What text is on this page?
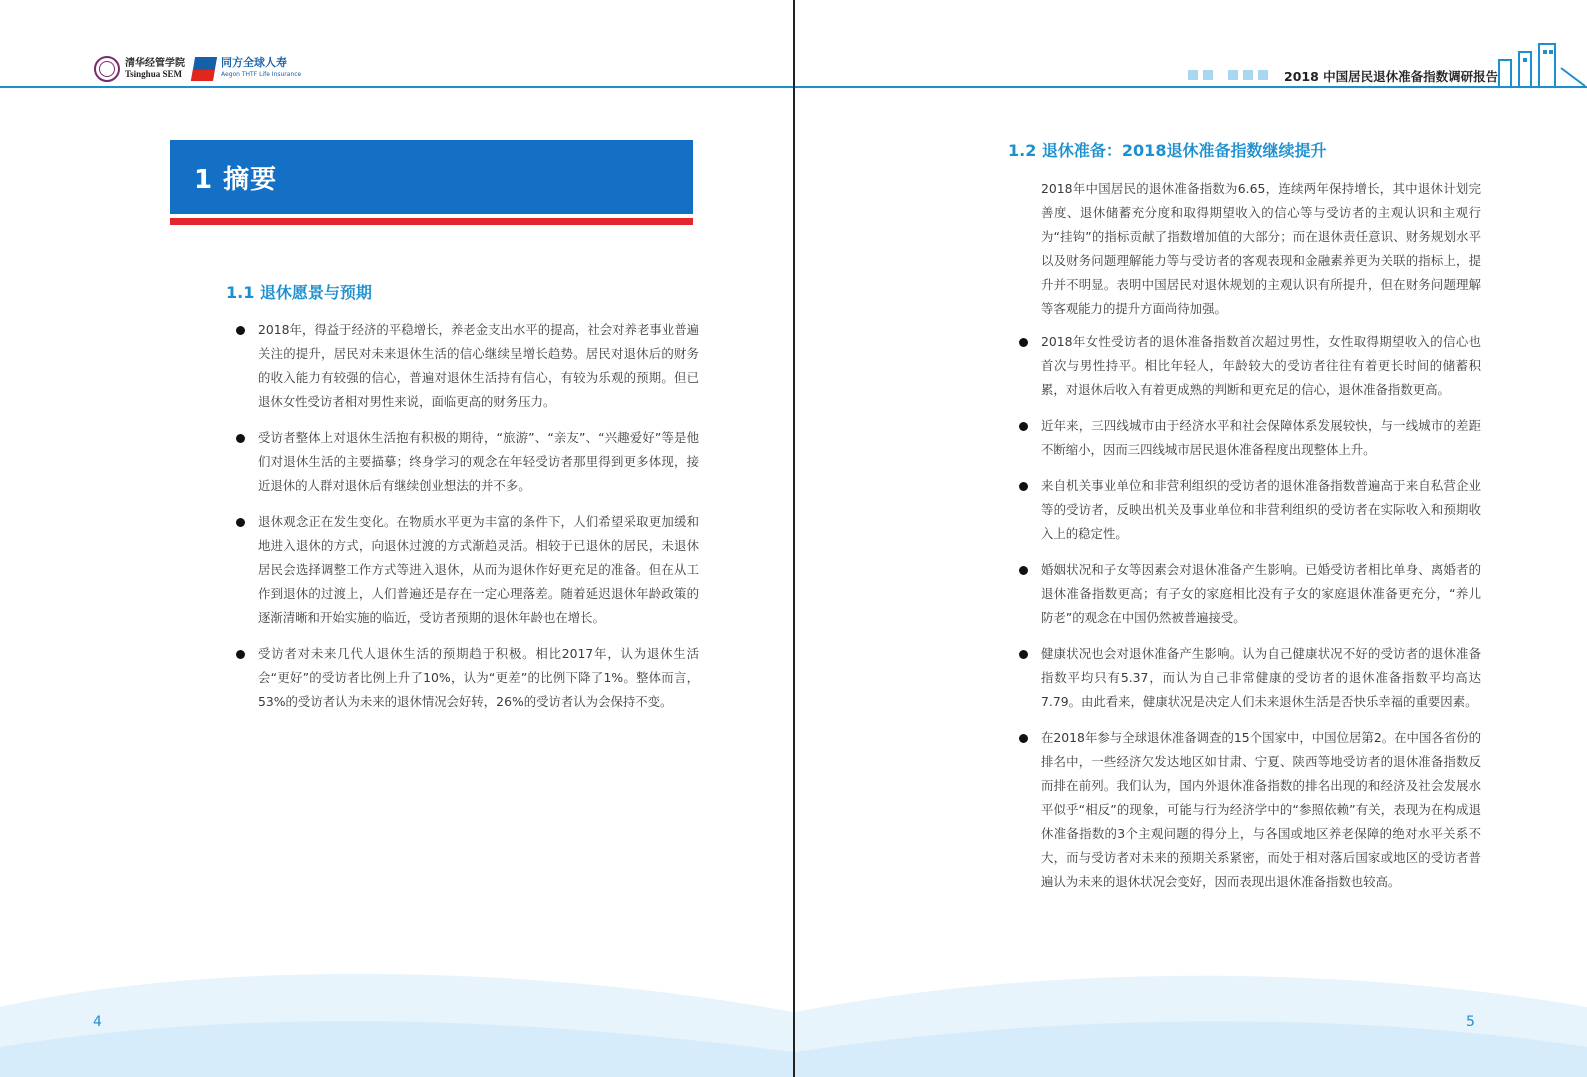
清华经管学院
Tsinghua SEM
同方全球人寿
Aegon THTF Life Insurance
1 摘要
1.1 退休愿景与预期
2018年，得益于经济的平稳增长，养老金支出水平的提高，社会对养老事业普遍关注的提升，居民对未来退休生活的信心继续呈增长趋势。居民对退休后的财务的收入能力有较强的信心，普遍对退休生活持有信心，有较为乐观的预期。但已退休女性受访者相对男性来说，面临更高的财务压力。
受访者整体上对退休生活抱有积极的期待，“旅游”、“亲友”、“兴趣爱好”等是他们对退休生活的主要描摹；终身学习的观念在年轻受访者那里得到更多体现，接近退休的人群对退休后有继续创业想法的并不多。
退休观念正在发生变化。在物质水平更为丰富的条件下，人们希望采取更加缓和地进入退休的方式，向退休过渡的方式渐趋灵活。相较于已退休的居民，未退休居民会选择调整工作方式等进入退休，从而为退休作好更充足的准备。但在从工作到退休的过渡上，人们普遍还是存在一定心理落差。随着延迟退休年龄政策的逐渐清晰和开始实施的临近，受访者预期的退休年龄也在增长。
受访者对未来几代人退休生活的预期趋于积极。相比2017年，认为退休生活会“更好”的受访者比例上升了10%，认为“更差”的比例下降了1%。整体而言，53%的受访者认为未来的退休情况会好转，26%的受访者认为会保持不变。
4
2018 中国居民退休准备指数调研报告
1.2 退休准备：2018退休准备指数继续提升

2018年中国居民的退休准备指数为6.65，连续两年保持增长，其中退休计划完善度、退休储蓄充分度和取得期望收入的信心等与受访者的主观认识和主观行为“挂钩”的指标贡献了指数增加值的大部分；而在退休责任意识、财务规划水平以及财务问题理解能力等与受访者的客观表现和金融素养更为关联的指标上，提升并不明显。表明中国居民对退休规划的主观认识有所提升，但在财务问题理解等客观能力的提升方面尚待加强。

2018年女性受访者的退休准备指数首次超过男性，女性取得期望收入的信心也首次与男性持平。相比年轻人，年龄较大的受访者往往有着更长时间的储蓄积累，对退休后收入有着更成熟的判断和更充足的信心，退休准备指数更高。
近年来，三四线城市由于经济水平和社会保障体系发展较快，与一线城市的差距不断缩小，因而三四线城市居民退休准备程度出现整体上升。
来自机关事业单位和非营利组织的受访者的退休准备指数普遍高于来自私营企业等的受访者，反映出机关及事业单位和非营利组织的受访者在实际收入和预期收入上的稳定性。
婚姻状况和子女等因素会对退休准备产生影响。已婚受访者相比单身、离婚者的退休准备指数更高；有子女的家庭相比没有子女的家庭退休准备更充分，“养儿防老”的观念在中国仍然被普遍接受。
健康状况也会对退休准备产生影响。认为自己健康状况不好的受访者的退休准备指数平均只有5.37，而认为自己非常健康的受访者的退休准备指数平均高达7.79。由此看来，健康状况是决定人们未来退休生活是否快乐幸福的重要因素。
在2018年参与全球退休准备调查的15个国家中，中国位居第2。在中国各省份的排名中，一些经济欠发达地区如甘肃、宁夏、陕西等地受访者的退休准备指数反而排在前列。我们认为，国内外退休准备指数的排名出现的和经济及社会发展水平似乎“相反”的现象，可能与行为经济学中的“参照依赖”有关，表现为在构成退休准备指数的3个主观问题的得分上，与各国或地区养老保障的绝对水平关系不大，而与受访者对未来的预期关系紧密，而处于相对落后国家或地区的受访者普遍认为未来的退休状况会变好，因而表现出退休准备指数也较高。
5
